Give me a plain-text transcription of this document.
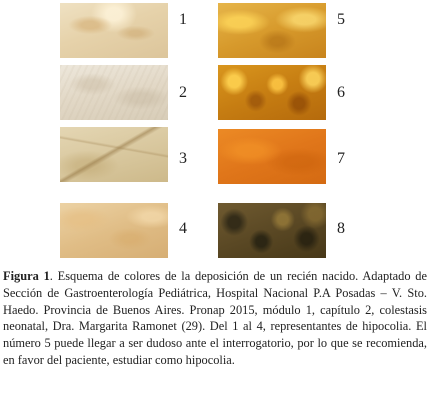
1
2
3
4
5
6
7
8

Figura 1. Esquema de colores de la deposición de un recién nacido. Adaptado de Sección de Gastroenterología Pediátrica, Hospital Nacional P.A Posadas – V. Sto. Haedo. Provincia de Buenos Aires. Pronap 2015, módulo 1, capítulo 2, colestasis neonatal, Dra. Margarita Ramonet (29). Del 1 al 4, representantes de hipocolia. El número 5 puede llegar a ser dudoso ante el interrogatorio, por lo que se recomienda, en favor del paciente, estudiar como hipocolia.
